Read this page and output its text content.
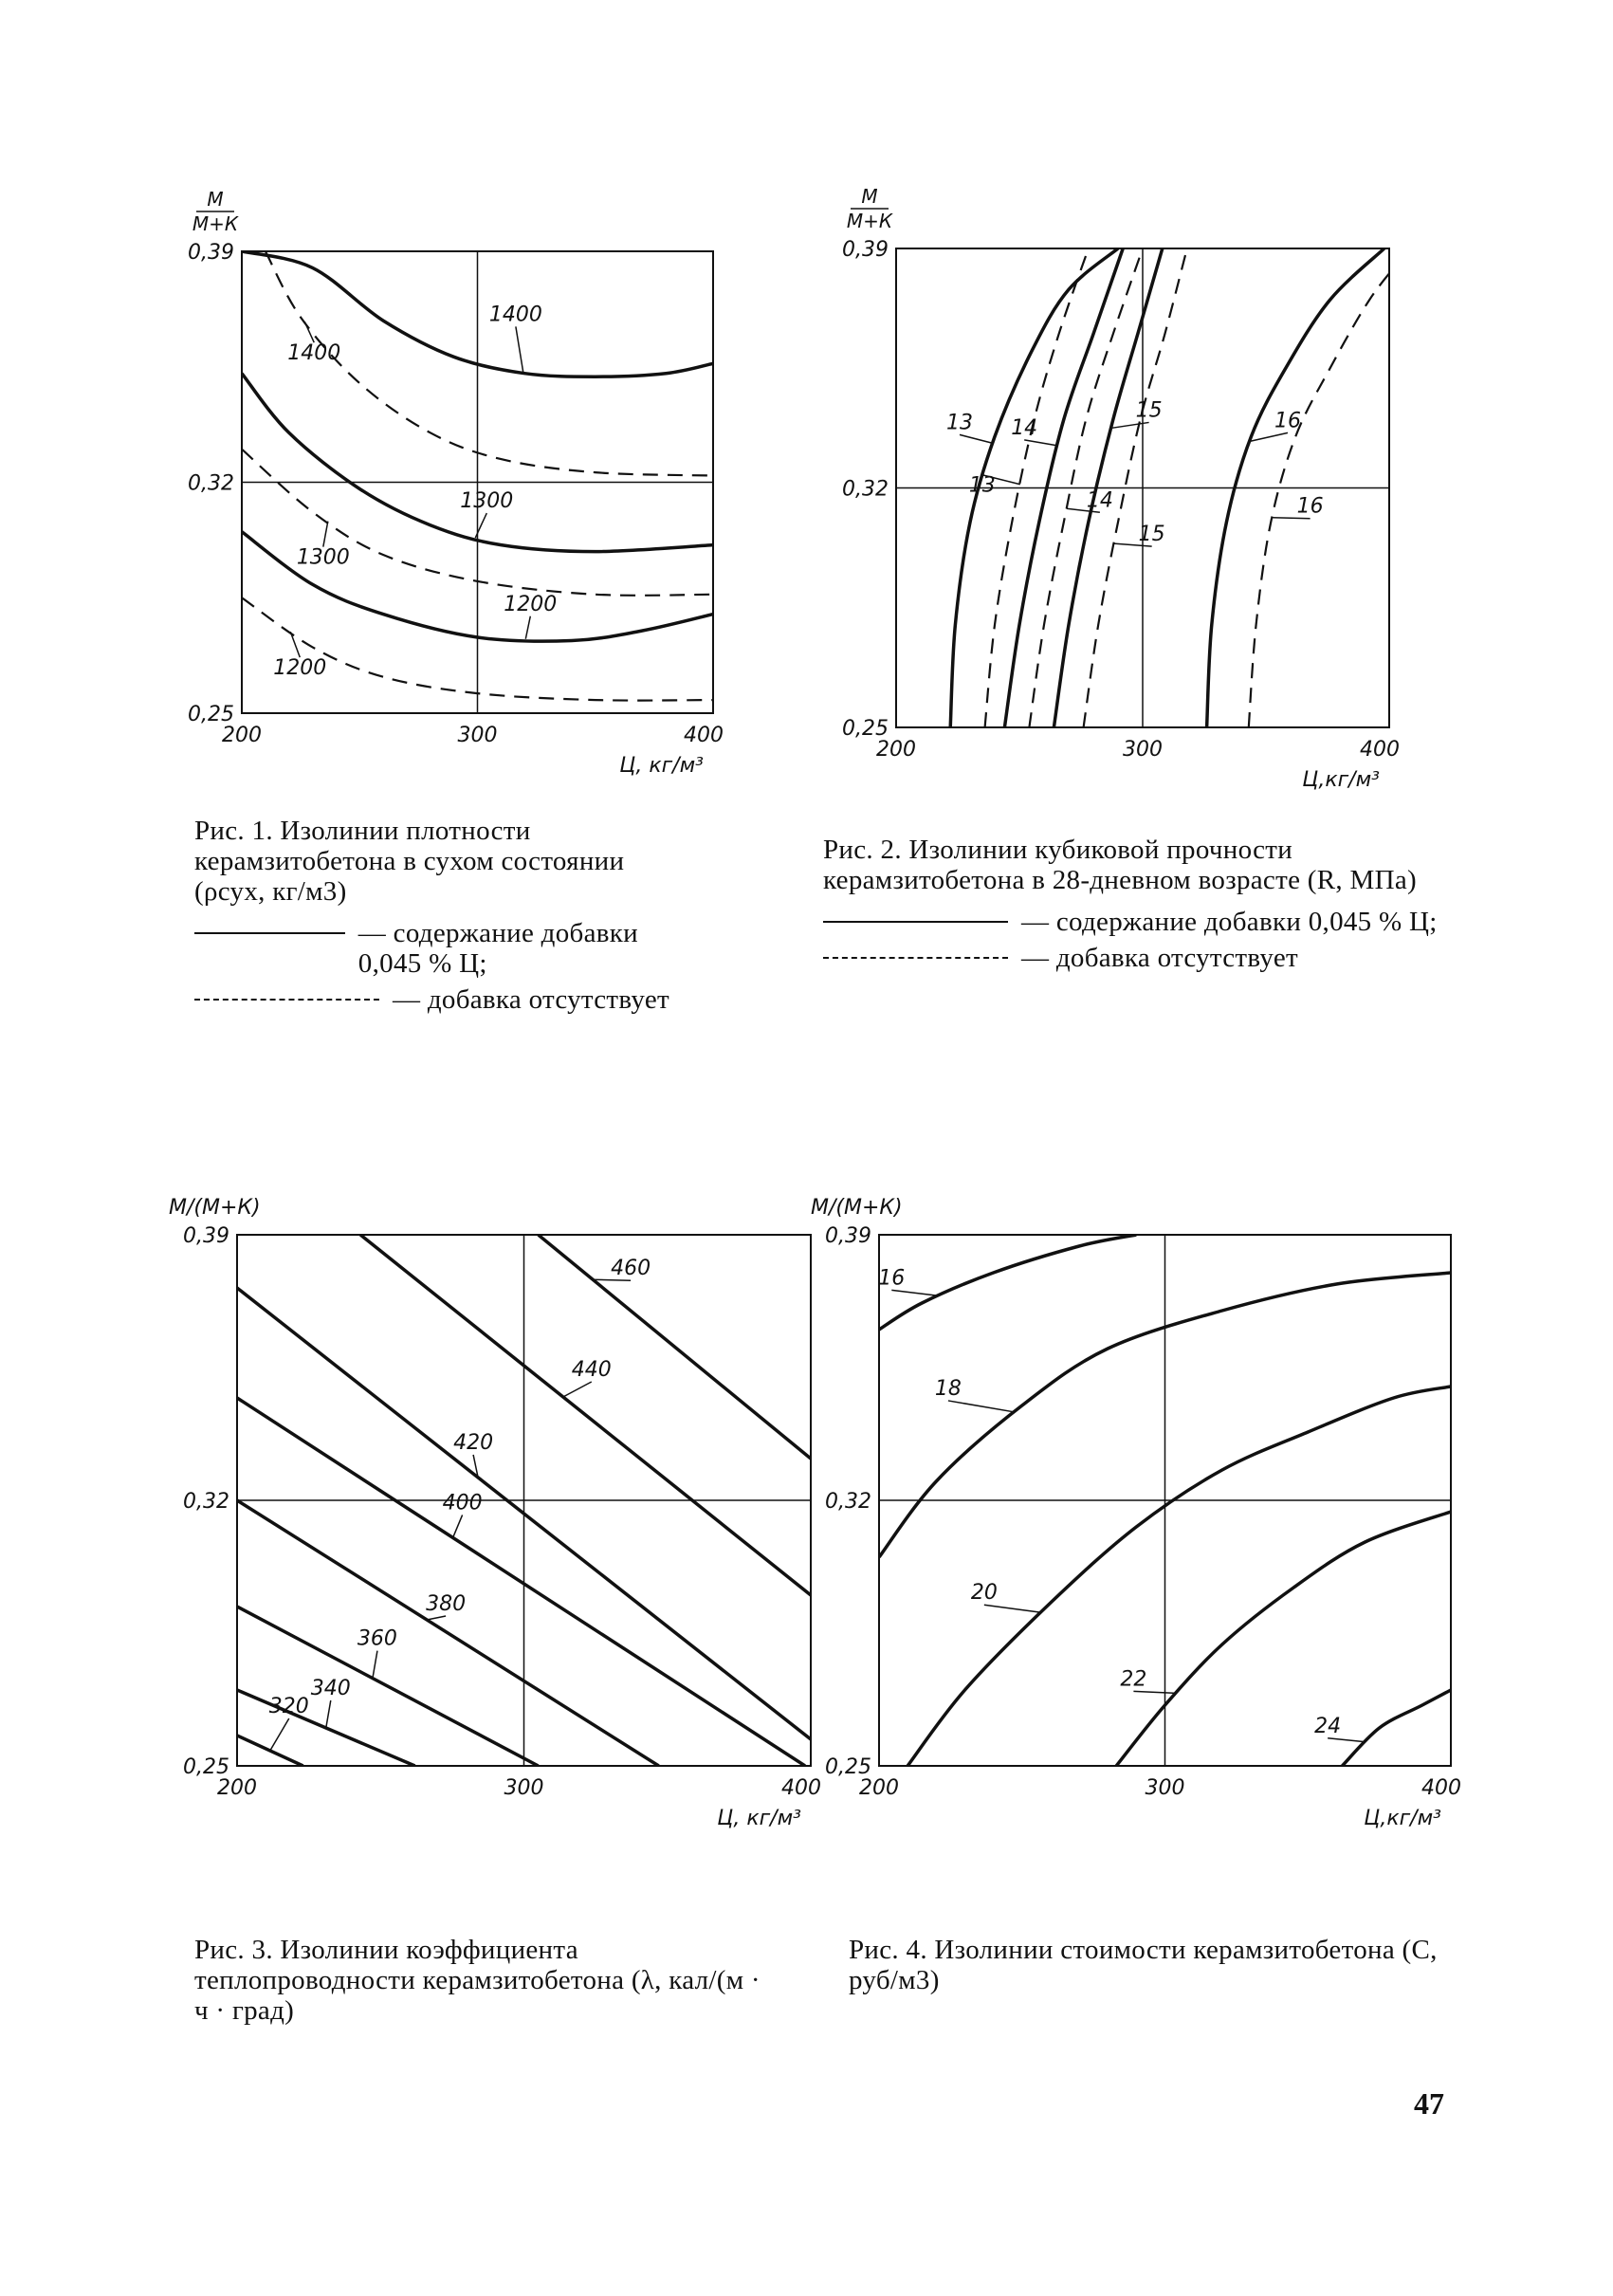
0,25
0,32
0,39
200	300	400
Ц, кг/м³
М
М+К
1400
1400
1300
1300
1200
1200
0,25
0,32
0,39
200	300	400
Ц,кг/м³
М
М+К
13
13
14
14
15
15
16
16
0,25
0,32
0,39
200	300	400
Ц, кг/м³
М/(М+К)
460
440
420
400
380
360
340
320
0,25
0,32
0,39
200	300	400
Ц,кг/м³
М/(М+К)
16
18
20
22
24

Рис. 1. Изолинии плотности керамзитобетона в сухом состоянии (ρсух, кг/м3)

— содержание добавки 0,045 % Ц;
— добавка отсутствует

Рис. 2. Изолинии кубиковой прочности керамзитобетона в 28-дневном возрасте (R, МПа)

— содержание добавки 0,045 % Ц;
— добавка отсутствует

Рис. 3. Изолинии коэффициента теплопроводности керамзитобетона (λ, кал/(м · ч · град)

Рис. 4. Изолинии стоимости керамзитобетона (С, руб/м3)

47
